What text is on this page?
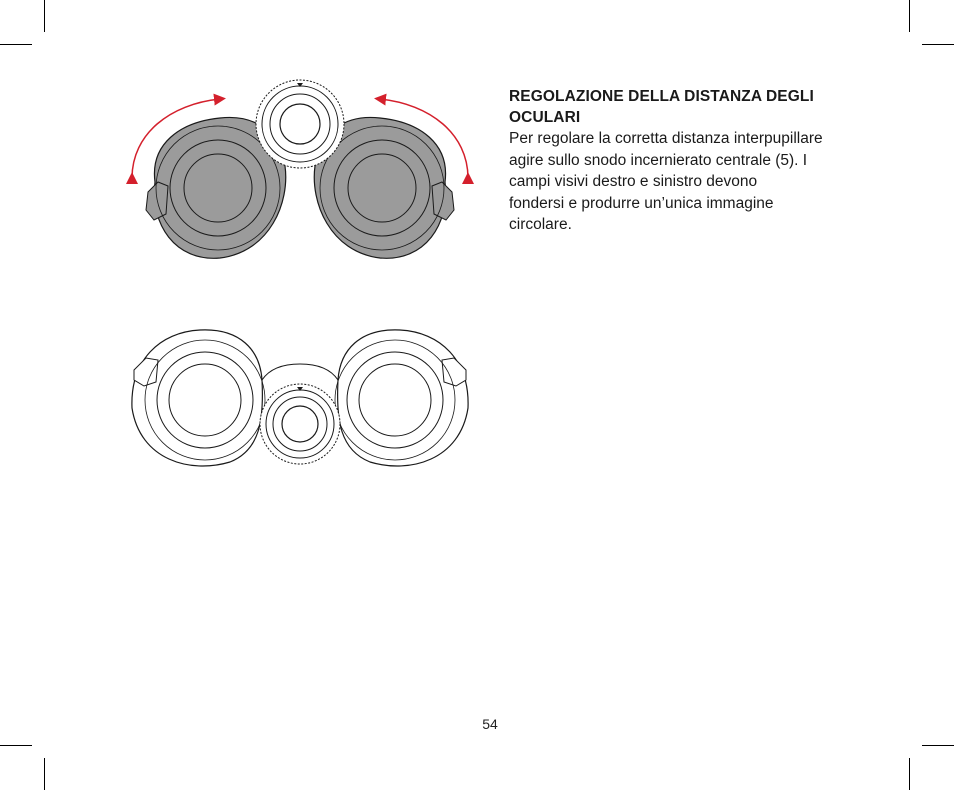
REGOLAZIONE DELLA DISTANZA DEGLI
OCULARI

Per regolare la corretta distanza interpupillare
agire sullo snodo incernierato centrale (5). I
campi visivi destro e sinistro devono
fondersi e produrre un’unica immagine
circolare.

54
